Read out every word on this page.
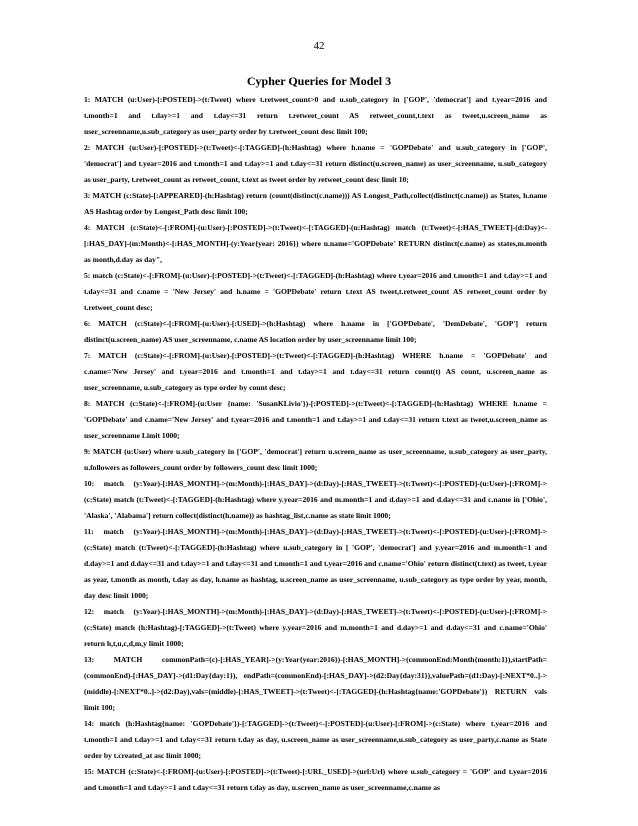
42
Cypher Queries for Model 3
1: MATCH (u:User)-[:POSTED]->(t:Tweet) where t.retweet_count>0 and u.sub_category in ['GOP', 'democrat'] and t.year=2016 and t.month=1 and t.day>=1 and t.day<=31 return t.retweet_count AS retweet_count,t.text as tweet,u.screen_name as user_screenname,u.sub_category as user_party order by t.retweet_count desc limit 100;
2: MATCH (u:User)-[:POSTED]->(t:Tweet)<-[:TAGGED]-(h:Hashtag) where h.name = 'GOPDebate' and u.sub_category in ['GOP', 'democrat'] and t.year=2016 and t.month=1 and t.day>=1 and t.day<=31 return distinct(u.screen_name) as user_screenname, u.sub_category as user_party, t.retweet_count as retweet_count, t.text as tweet order by retweet_count desc limit 10;
3: MATCH (c:State)-[:APPEARED]-(h:Hashtag) return (count(distinct(c.name))) AS Longest_Path,collect(distinct(c.name)) as States, h.name AS Hashtag order by Longest_Path desc limit 100;
4: MATCH (c:State)<-[:FROM]-(u:User)-[:POSTED]->(t:Tweet)<-[:TAGGED]-(n:Hashtag) match (t:Tweet)<-[:HAS_TWEET]-(d:Day)<-[:HAS_DAY]-(m:Month)<-[:HAS_MONTH]-(y:Year{year: 2016}) where n.name='GOPDebate' RETURN distinct(c.name) as states,m.month as month,d.day as day",
5: match (c:State)<-[:FROM]-(u:User)-[:POSTED]->(t:Tweet)<-[:TAGGED]-(h:Hashtag) where t.year=2016 and t.month=1 and t.day>=1 and t.day<=31 and c.name = 'New Jersey' and h.name = 'GOPDebate' return t.text AS tweet,t.retweet_count AS retweet_count order by t.retweet_count desc;
6: MATCH (c:State)<-[:FROM]-(u:User)-[:USED]->(h:Hashtag) where h.name in ['GOPDebate', 'DemDebate', 'GOP'] return distinct(u.screen_name) AS user_screenname, c.name AS location order by user_screenname limit 100;
7: MATCH (c:State)<-[:FROM]-(u:User)-[:POSTED]->(t:Tweet)<-[:TAGGED]-(h:Hashtag) WHERE h.name = 'GOPDebate' and c.name='New Jersey' and t.year=2016 and t.month=1 and t.day>=1 and t.day<=31 return count(t) AS count, u.screen_name as user_screenname, u.sub_category as type order by count desc;
8: MATCH (c:State)<-[:FROM]-(u:User {name: 'SusanKLivio'})-[:POSTED]->(t:Tweet)<-[:TAGGED]-(h:Hashtag) WHERE h.name = 'GOPDebate' and c.name='New Jersey' and t.year=2016 and t.month=1 and t.day>=1 and t.day<=31 return t.text as tweet,u.screen_name as user_screenname Limit 1000;
9: MATCH (u:User) where u.sub_category in ['GOP', 'democrat'] return u.screen_name as user_screenname, u.sub_category as user_party, u.followers as followers_count order by followers_count desc limit 1000;
10: match (y:Year)-[:HAS_MONTH]->(m:Month)-[:HAS_DAY]->(d:Day)-[:HAS_TWEET]->(t:Tweet)<-[:POSTED]-(u:User)-[:FROM]->(c:State) match (t:Tweet)<-[:TAGGED]-(h:Hashtag) where y.year=2016 and m.month=1 and d.day>=1 and d.day<=31 and c.name in ['Ohio', 'Alaska', 'Alabama'] return collect(distinct(h.name)) as hashtag_list,c.name as state limit 1000;
11: match (y:Year)-[:HAS_MONTH]->(m:Month)-[:HAS_DAY]->(d:Day)-[:HAS_TWEET]->(t:Tweet)<-[:POSTED]-(u:User)-[:FROM]->(c:State) match (t:Tweet)<-[:TAGGED]-(h:Hashtag) where u.sub_category in [ 'GOP', 'democrat'] and y.year=2016 and m.month=1 and d.day>=1 and d.day<=31 and t.day>=1 and t.day<=31 and t.month=1 and t.year=2016 and c.name='Ohio' return distinct(t.text) as tweet, t.year as year, t.month as month, t.day as day, h.name as hashtag, u.screen_name as user_screenname, u.sub_category as type order by year, month, day desc limit 1000;
12: match (y:Year)-[:HAS_MONTH]->(m:Month)-[:HAS_DAY]->(d:Day)-[:HAS_TWEET]->(t:Tweet)<-[:POSTED]-(u:User)-[:FROM]->(c:State) match (h:Hashtag)-[:TAGGED]->(t:Tweet) where y.year=2016 and m.month=1 and d.day>=1 and d.day<=31 and c.name='Ohio' return h,t,u,c,d,m,y limit 1000;
13: MATCH commonPath=(c)-[:HAS_YEAR]->(y:Year{year:2016})-[:HAS_MONTH]->(commonEnd:Month{month:1}),startPath=(commonEnd)-[:HAS_DAY]->(d1:Day{day:1}), endPath=(commonEnd)-[:HAS_DAY]->(d2:Day{day:31}),valuePath=(d1:Day)-[:NEXT*0..]->(middle)-[:NEXT*0..]->(d2:Day),vals=(middle)-[:HAS_TWEET]->(t:Tweet)<-[:TAGGED]-(h:Hashtag{name:'GOPDebate'}) RETURN vals limit 100;
14: match (h:Hashtag{name: 'GOPDebate'})-[:TAGGED]->(t:Tweet)<-[:POSTED]-(u:User)-[:FROM]->(c:State) where t.year=2016 and t.month=1 and t.day>=1 and t.day<=31 return t.day as day, u.screen_name as user_screenname,u.sub_category as user_party,c.name as State order by t.created_at asc limit 1000;
15: MATCH (c:State)<-[:FROM]-(u:User)-[:POSTED]->(t:Tweet)-[:URL_USED]->(url:Url) where u.sub_category = 'GOP' and t.year=2016 and t.month=1 and t.day>=1 and t.day<=31 return t.day as day, u.screen_name as user_screenname,c.name as
